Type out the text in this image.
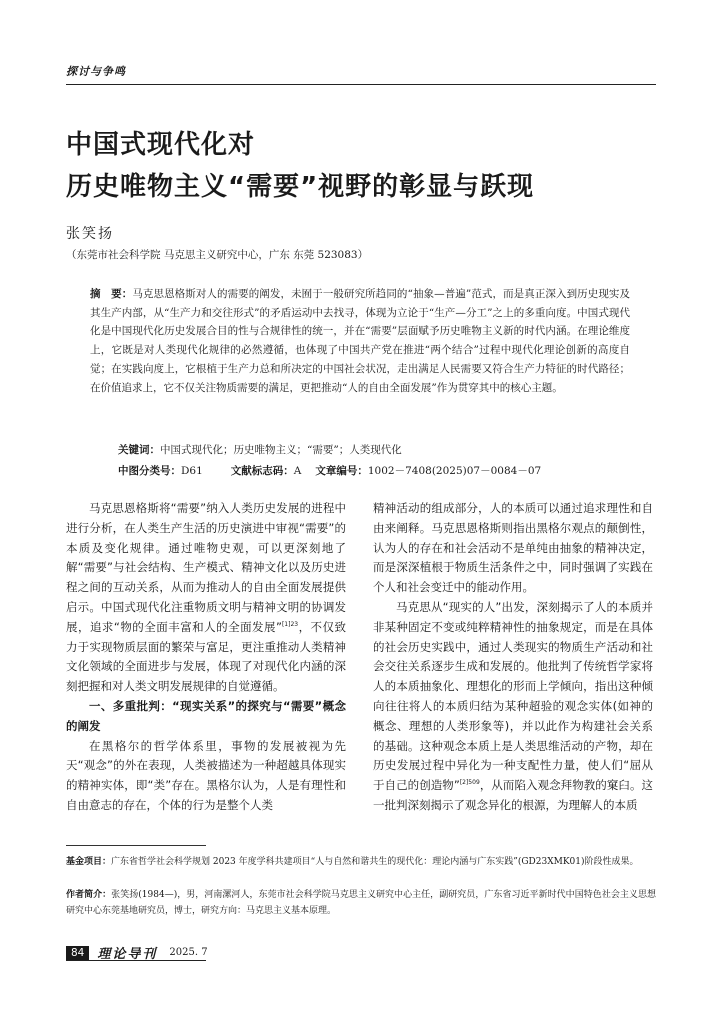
探讨与争鸣
中国式现代化对
历史唯物主义“需要”视野的彰显与跃现
张笑扬
（东莞市社会科学院 马克思主义研究中心，广东 东莞 523083）

摘　要：马克思恩格斯对人的需要的阐发，未囿于一般研究所趋同的“抽象—普遍”范式，而是真正深入到历史现实及其生产内部，从“生产力和交往形式”的矛盾运动中去找寻，体现为立论于“生产—分工”之上的多重向度。中国式现代化是中国现代化历史发展合目的性与合规律性的统一，并在“需要”层面赋予历史唯物主义新的时代内涵。在理论维度上，它既是对人类现代化规律的必然遵循，也体现了中国共产党在推进“两个结合”过程中现代化理论创新的高度自觉；在实践向度上，它根植于生产力总和所决定的中国社会状况，走出满足人民需要又符合生产力特征的时代路径；在价值追求上，它不仅关注物质需要的满足，更把推动“人的自由全面发展”作为贯穿其中的核心主题。

关键词：中国式现代化；历史唯物主义；“需要”；人类现代化
中图分类号：D61	文献标志码：A 文章编号：1002－7408(2025)07－0084－07

马克思恩格斯将“需要”纳入人类历史发展的进程中进行分析，在人类生产生活的历史演进中审视“需要”的本质及变化规律。通过唯物史观，可以更深刻地了解“需要”与社会结构、生产模式、精神文化以及历史进程之间的互动关系，从而为推动人的自由全面发展提供启示。中国式现代化注重物质文明与精神文明的协调发展，追求“物的全面丰富和人的全面发展”$^{[1]23}$，不仅致力于实现物质层面的繁荣与富足，更注重推动人类精神文化领域的全面进步与发展，体现了对现代化内涵的深刻把握和对人类文明发展规律的自觉遵循。

一、多重批判：“现实关系”的探究与“需要”概念的阐发

在黑格尔的哲学体系里，事物的发展被视为先天“观念”的外在表现，人类被描述为一种超越具体现实的精神实体，即“类”存在。黑格尔认为，人是有理性和自由意志的存在，个体的行为是整个人类

精神活动的组成部分，人的本质可以通过追求理性和自由来阐释。马克思恩格斯则指出黑格尔观点的颠倒性，认为人的存在和社会活动不是单纯由抽象的精神决定，而是深深植根于物质生活条件之中，同时强调了实践在个人和社会变迁中的能动作用。

马克思从“现实的人”出发，深刻揭示了人的本质并非某种固定不变或纯粹精神性的抽象规定，而是在具体的社会历史实践中，通过人类现实的物质生产活动和社会交往关系逐步生成和发展的。他批判了传统哲学家将人的本质抽象化、理想化的形而上学倾向，指出这种倾向往往将人的本质归结为某种超验的观念实体(如神的概念、理想的人类形象等)，并以此作为构建社会关系的基础。这种观念本质上是人类思维活动的产物，却在历史发展过程中异化为一种支配性力量，使人们“屈从于自己的创造物”$^{[2]509}$，从而陷入观念拜物教的窠臼。这一批判深刻揭示了观念异化的根源，为理解人的本质

基金项目：广东省哲学社会科学规划 2023 年度学科共建项目“人与自然和谐共生的现代化：理论内涵与广东实践”(GD23XMK01)阶段性成果。

作者简介：张笑扬(1984—)，男，河南漯河人，东莞市社会科学院马克思主义研究中心主任，副研究员，广东省习近平新时代中国特色社会主义思想研究中心东莞基地研究员，博士，研究方向：马克思主义基本原理。

84	理论导刊 2025. 7
